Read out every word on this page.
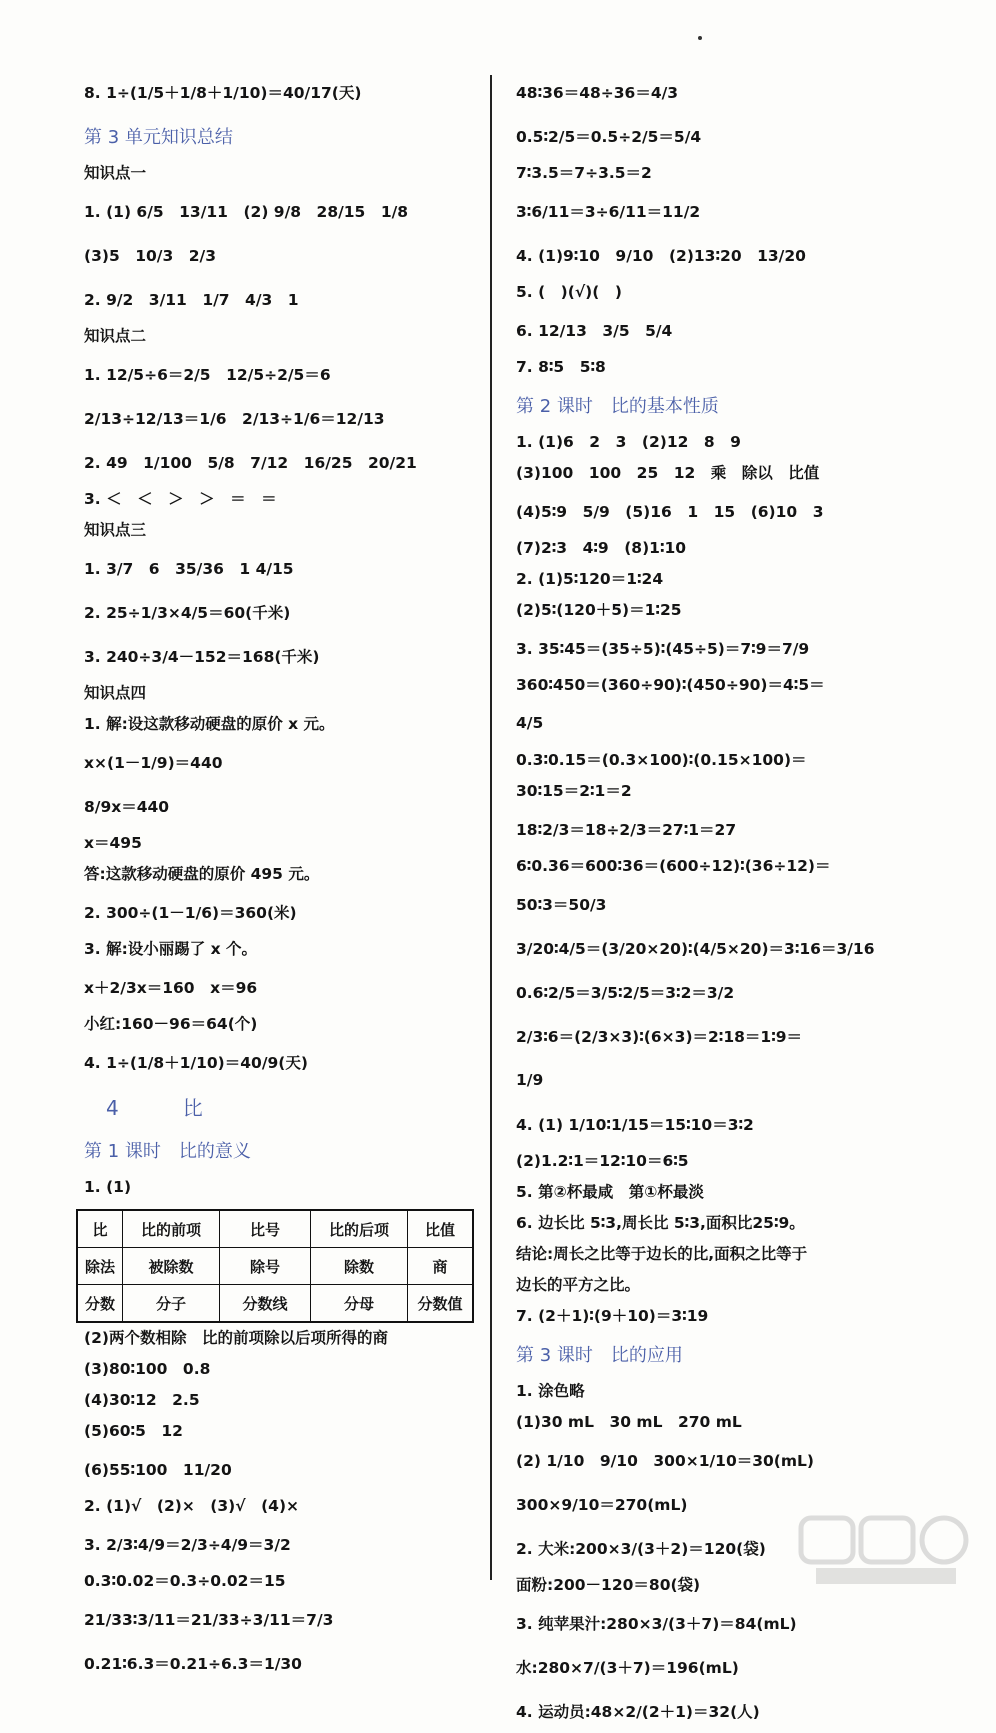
8. 1÷(1/5＋1/8＋1/10)＝40/17(天)
第 3 单元知识总结
知识点一
1. (1) 6/5　13/11　(2) 9/8　28/15　1/8
(3)5　10/3　2/3
2. 9/2　3/11　1/7　4/3　1
知识点二
1. 12/5÷6＝2/5　12/5÷2/5＝6
2/13÷12/13＝1/6　2/13÷1/6＝12/13
2. 49　1/100　5/8　7/12　16/25　20/21
3. ＜　＜　＞　＞　＝　＝
知识点三
1. 3/7　6　35/36　1 4/15
2. 25÷1/3×4/5＝60(千米)
3. 240÷3/4－152＝168(千米)
知识点四
1. 解:设这款移动硬盘的原价 x 元。
x×(1－1/9)＝440
8/9x＝440
x＝495
答:这款移动硬盘的原价 495 元。
2. 300÷(1－1/6)＝360(米)
3. 解:设小丽踢了 x 个。
x＋2/3x＝160　x＝96
小红:160－96＝64(个)
4. 1÷(1/8＋1/10)＝40/9(天)
4　比
第 1 课时　比的意义
1. (1)
比	比的前项	比号	比的后项	比值
除法	被除数	除号	除数	商
分数	分子	分数线	分母	分数值
(2)两个数相除　比的前项除以后项所得的商
(3)80∶100　0.8
(4)30∶12　2.5
(5)60∶5　12
(6)55∶100　11/20
2. (1)√　(2)×　(3)√　(4)×
3. 2/3∶4/9＝2/3÷4/9＝3/2
0.3∶0.02＝0.3÷0.02＝15
21/33∶3/11＝21/33÷3/11＝7/3
0.21∶6.3＝0.21÷6.3＝1/30
48∶36＝48÷36＝4/3
0.5∶2/5＝0.5÷2/5＝5/4
7∶3.5＝7÷3.5＝2
3∶6/11＝3÷6/11＝11/2
4. (1)9∶10　9/10　(2)13∶20　13/20
5. (　)(√)(　)
6. 12/13　3/5　5/4
7. 8∶5　5∶8
第 2 课时　比的基本性质
1. (1)6　2　3　(2)12　8　9
(3)100　100　25　12　乘　除以　比值
(4)5∶9　5/9　(5)16　1　15　(6)10　3
(7)2∶3　4∶9　(8)1∶10
2. (1)5∶120＝1∶24
(2)5∶(120＋5)＝1∶25
3. 35∶45＝(35÷5)∶(45÷5)＝7∶9＝7/9
360∶450＝(360÷90)∶(450÷90)＝4∶5＝
4/5
0.3∶0.15＝(0.3×100)∶(0.15×100)＝
30∶15＝2∶1＝2
18∶2/3＝18÷2/3＝27∶1＝27
6∶0.36＝600∶36＝(600÷12)∶(36÷12)＝
50∶3＝50/3
3/20∶4/5＝(3/20×20)∶(4/5×20)＝3∶16＝3/16
0.6∶2/5＝3/5∶2/5＝3∶2＝3/2
2/3∶6＝(2/3×3)∶(6×3)＝2∶18＝1∶9＝
1/9
4. (1) 1/10∶1/15＝15∶10＝3∶2
(2)1.2∶1＝12∶10＝6∶5
5. 第②杯最咸　第①杯最淡
6. 边长比 5∶3,周长比 5∶3,面积比25∶9。
结论:周长之比等于边长的比,面积之比等于
边长的平方之比。
7. (2＋1)∶(9＋10)＝3∶19
第 3 课时　比的应用
1. 涂色略
(1)30 mL　30 mL　270 mL
(2) 1/10　9/10　300×1/10＝30(mL)
300×9/10＝270(mL)
2. 大米:200×3/(3＋2)＝120(袋)
面粉:200－120＝80(袋)
3. 纯苹果汁:280×3/(3＋7)＝84(mL)
水:280×7/(3＋7)＝196(mL)
4. 运动员:48×2/(2＋1)＝32(人)
